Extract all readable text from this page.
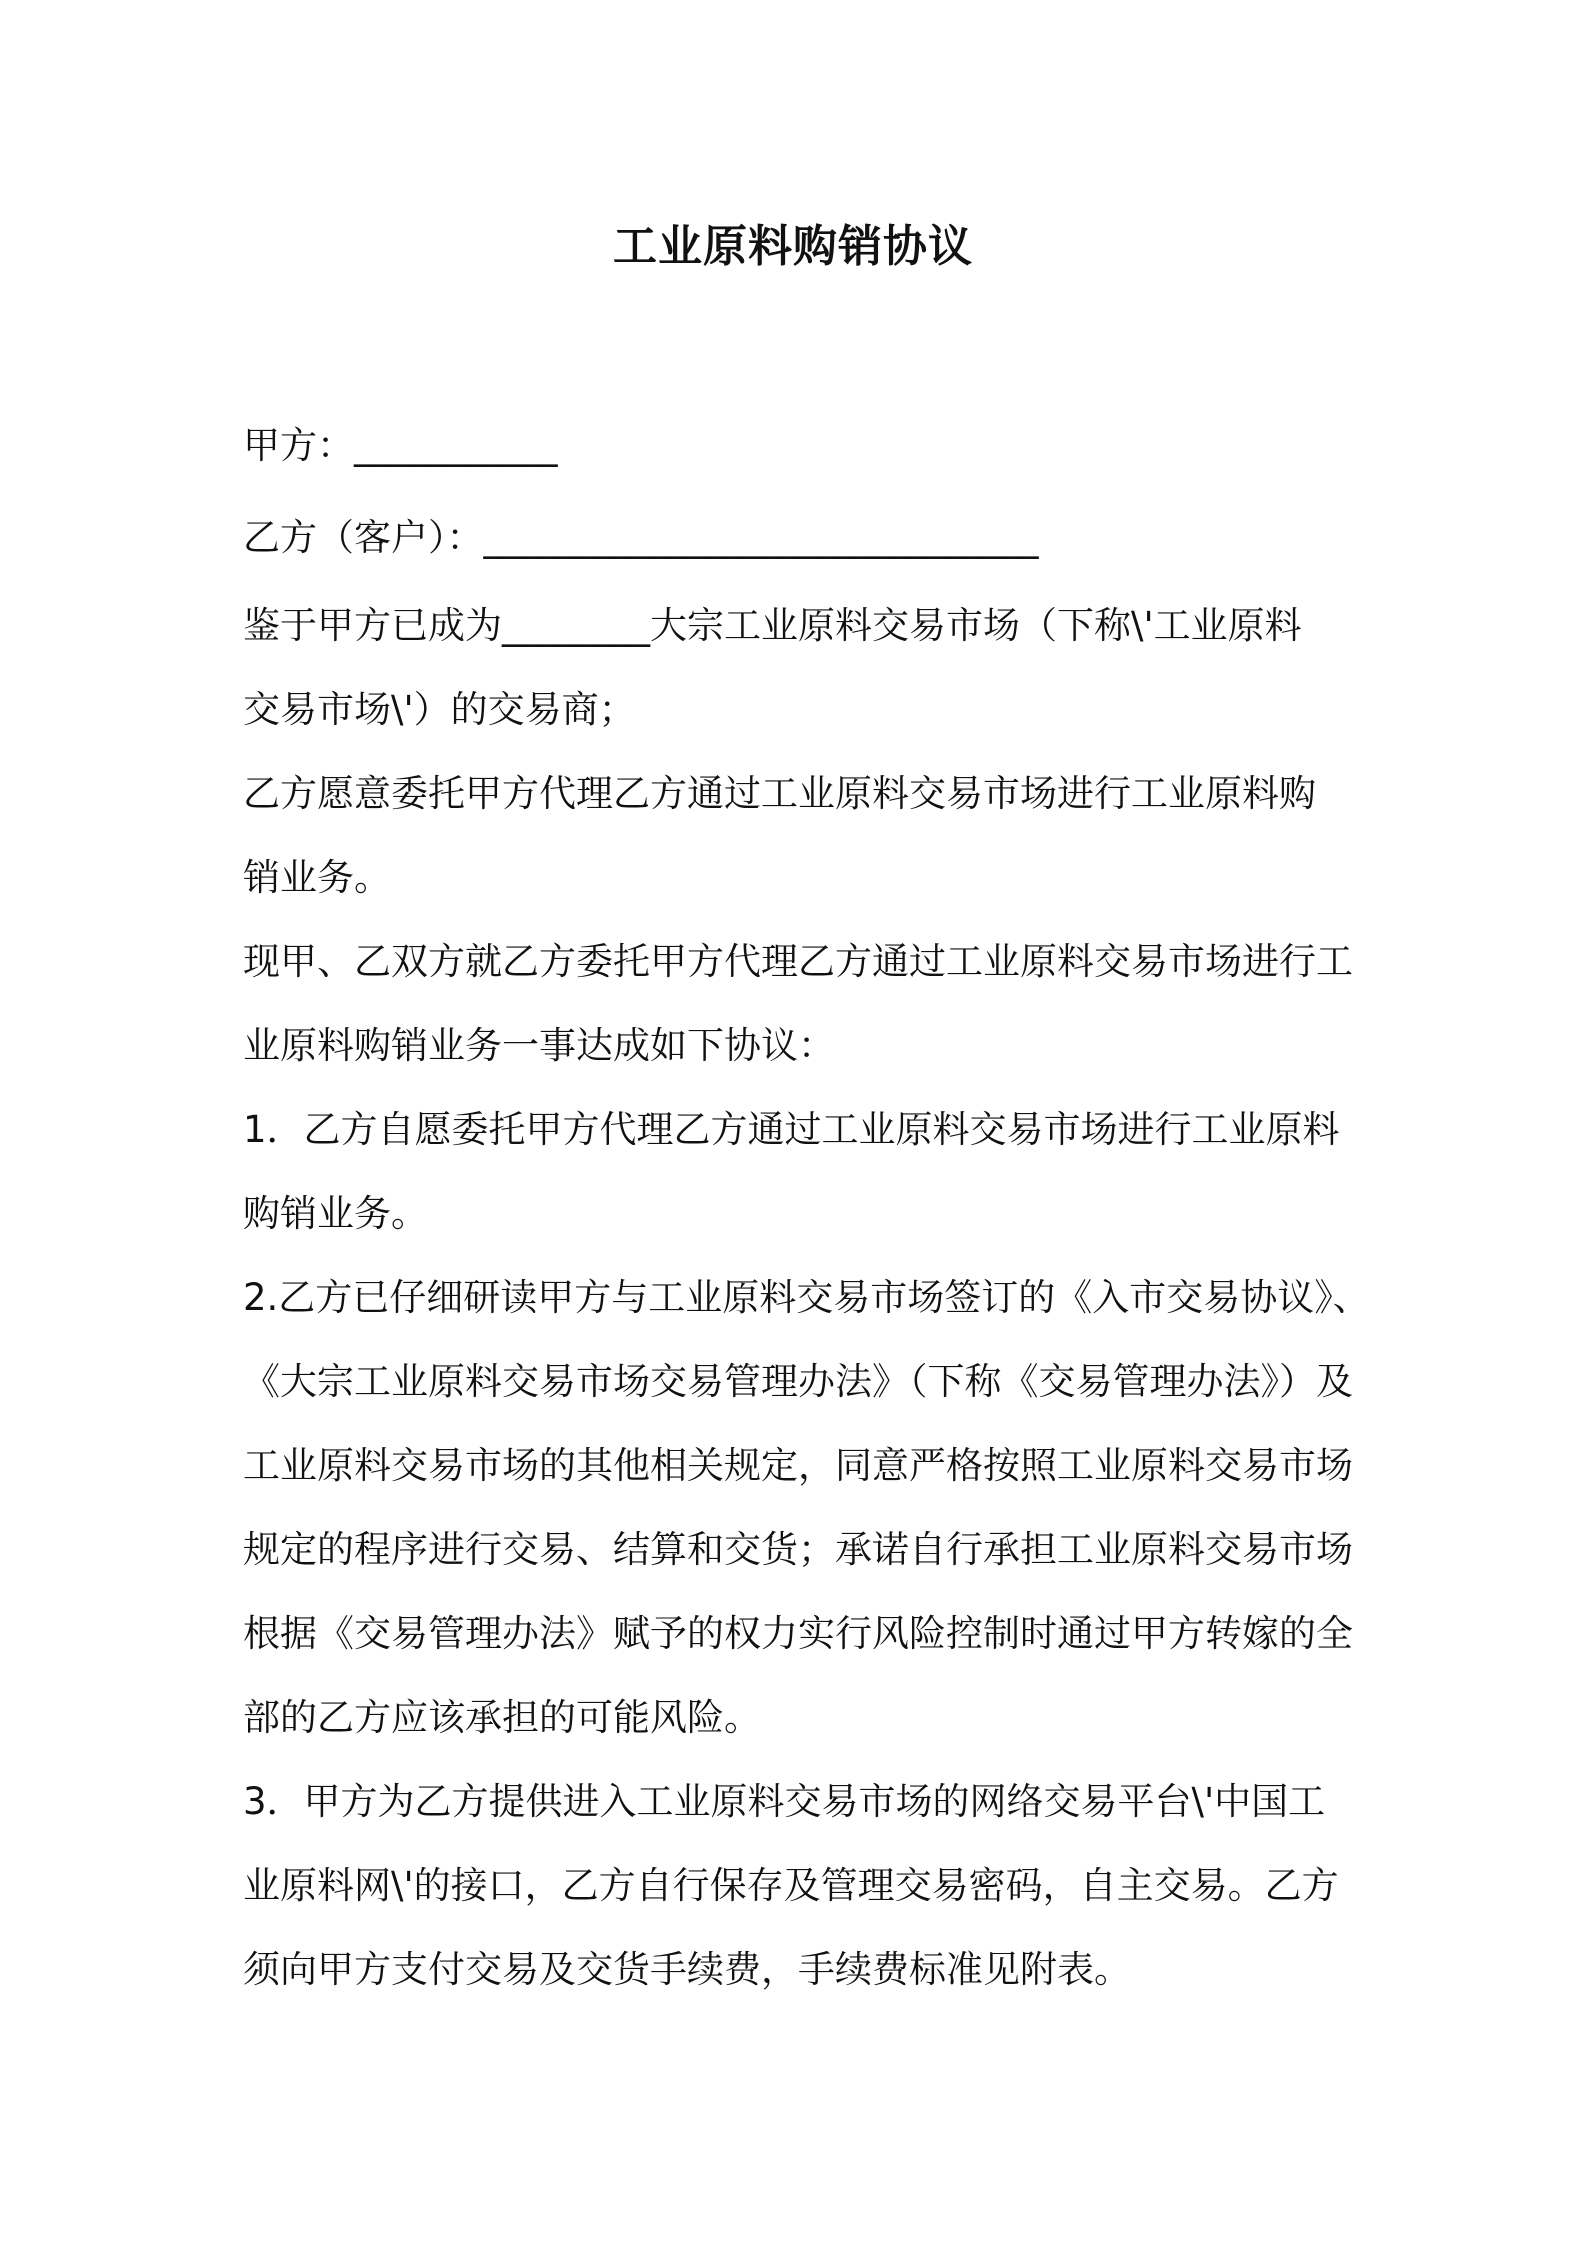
工业原料购销协议
甲方：___________
乙方（客户）：______________________________
鉴于甲方已成为________大宗工业原料交易市场（下称\'工业原料
交易市场\'）的交易商；
乙方愿意委托甲方代理乙方通过工业原料交易市场进行工业原料购
销业务。
现甲、乙双方就乙方委托甲方代理乙方通过工业原料交易市场进行工
业原料购销业务一事达成如下协议：
1．乙方自愿委托甲方代理乙方通过工业原料交易市场进行工业原料
购销业务。
2.乙方已仔细研读甲方与工业原料交易市场签订的《入市交易协议》、
《大宗工业原料交易市场交易管理办法》（下称《交易管理办法》）及
工业原料交易市场的其他相关规定，同意严格按照工业原料交易市场
规定的程序进行交易、结算和交货；承诺自行承担工业原料交易市场
根据《交易管理办法》赋予的权力实行风险控制时通过甲方转嫁的全
部的乙方应该承担的可能风险。
3．甲方为乙方提供进入工业原料交易市场的网络交易平台\'中国工
业原料网\'的接口，乙方自行保存及管理交易密码，自主交易。乙方
须向甲方支付交易及交货手续费，手续费标准见附表。
